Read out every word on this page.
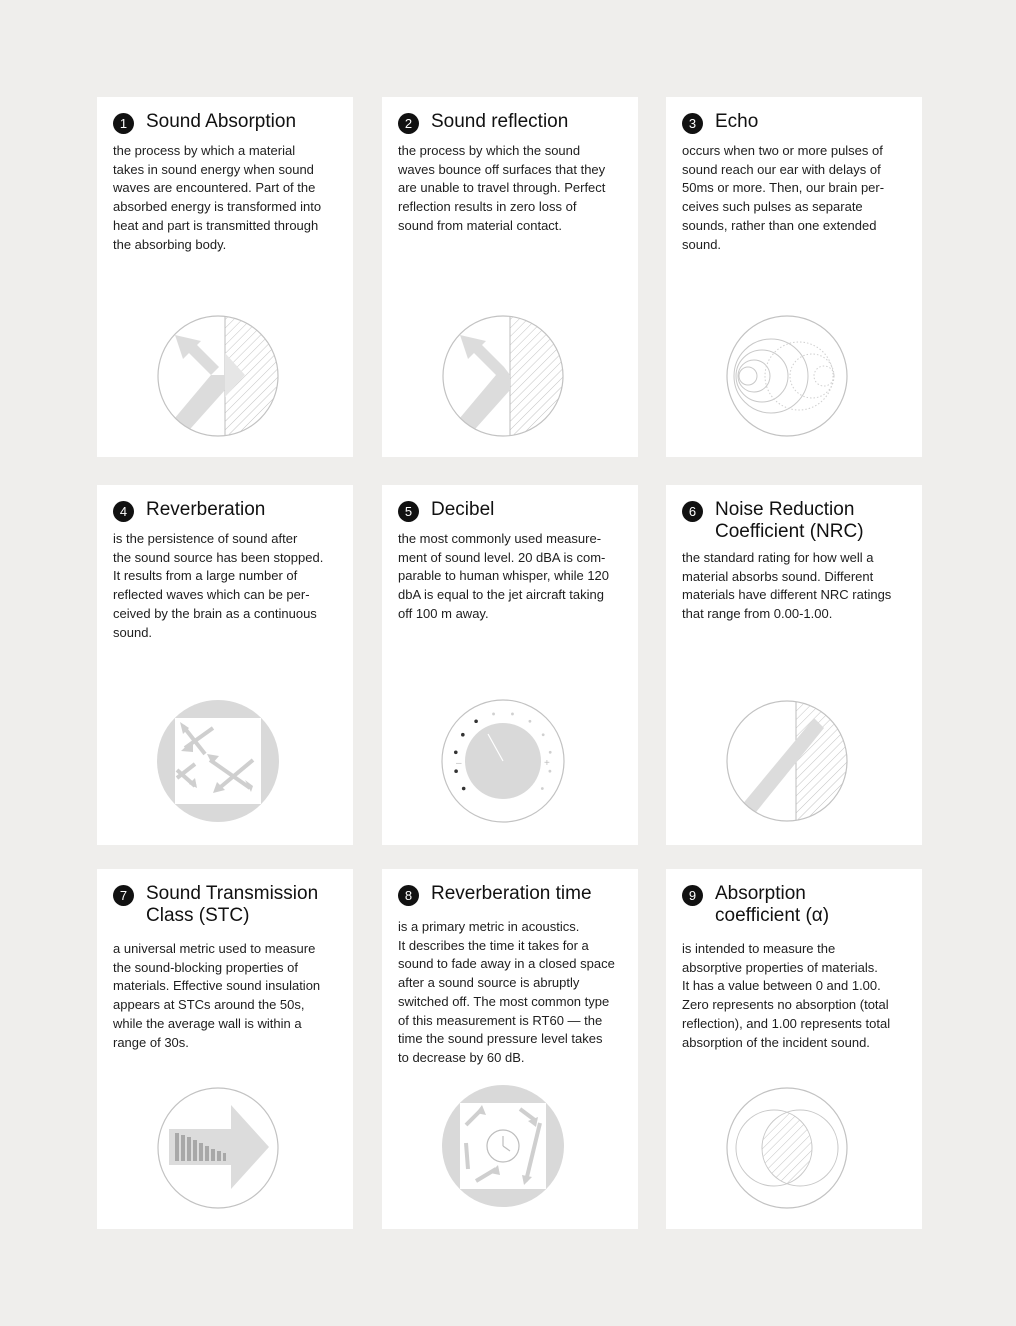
1 Sound Absorption
the process by which a material
takes in sound energy when sound
waves are encountered. Part of the
absorbed energy is transformed into
heat and part is transmitted through
the absorbing body.
2 Sound reflection
the process by which the sound
waves bounce off surfaces that they
are unable to travel through. Perfect
reflection results in zero loss of
sound from material contact.
3 Echo
occurs when two or more pulses of
sound reach our ear with delays of
50ms or more. Then, our brain per-
ceives such pulses as separate
sounds, rather than one extended
sound.
4 Reverberation
is the persistence of sound after
the sound source has been stopped.
It results from a large number of
reflected waves which can be per-
ceived by the brain as a continuous
sound.
5 Decibel
the most commonly used measure-
ment of sound level. 20 dBA is com-
parable to human whisper, while 120
dbA is equal to the jet aircraft taking
off 100 m away.
–	+
6 Noise Reduction
Coefficient (NRC)
the standard rating for how well a
material absorbs sound. Different
materials have different NRC ratings
that range from 0.00-1.00.
7 Sound Transmission
Class (STC)
a universal metric used to measure
the sound-blocking properties of
materials. Effective sound insulation
appears at STCs around the 50s,
while the average wall is within a
range of 30s.
8 Reverberation time
is a primary metric in acoustics.
It describes the time it takes for a
sound to fade away in a closed space
after a sound source is abruptly
switched off. The most common type
of this measurement is RT60 — the
time the sound pressure level takes
to decrease by 60 dB.
9 Absorption
coefficient (α)
is intended to measure the
absorptive properties of materials.
It has a value between 0 and 1.00.
Zero represents no absorption (total
reflection), and 1.00 represents total
absorption of the incident sound.
